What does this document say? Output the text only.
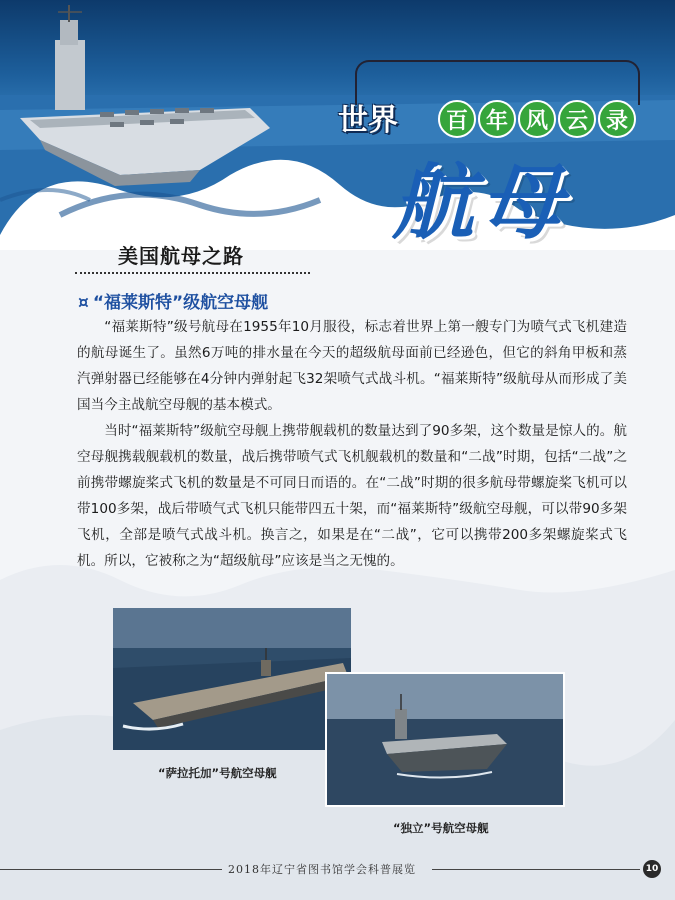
世界	百 年 风 云 录
航母
美国航母之路
¤ “福莱斯特”级航空母舰

“福莱斯特”级号航母在1955年10月服役，标志着世界上第一艘专门为喷气式飞机建造的航母诞生了。虽然6万吨的排水量在今天的超级航母面前已经逊色，但它的斜角甲板和蒸汽弹射器已经能够在4分钟内弹射起飞32架喷气式战斗机。“福莱斯特”级航母从而形成了美国当今主战航空母舰的基本模式。

当时“福莱斯特”级航空母舰上携带舰载机的数量达到了90多架，这个数量是惊人的。航空母舰携载舰载机的数量，战后携带喷气式飞机舰载机的数量和“二战”时期，包括“二战”之前携带螺旋桨式飞机的数量是不可同日而语的。在“二战”时期的很多航母带螺旋桨飞机可以带100多架，战后带喷气式飞机只能带四五十架，而“福莱斯特”级航空母舰，可以带90多架飞机，全部是喷气式战斗机。换言之，如果是在“二战”，它可以携带200多架螺旋桨式飞机。所以，它被称之为“超级航母”应该是当之无愧的。

“萨拉托加”号航空母舰
“独立”号航空母舰
2018年辽宁省图书馆学会科普展览	10
